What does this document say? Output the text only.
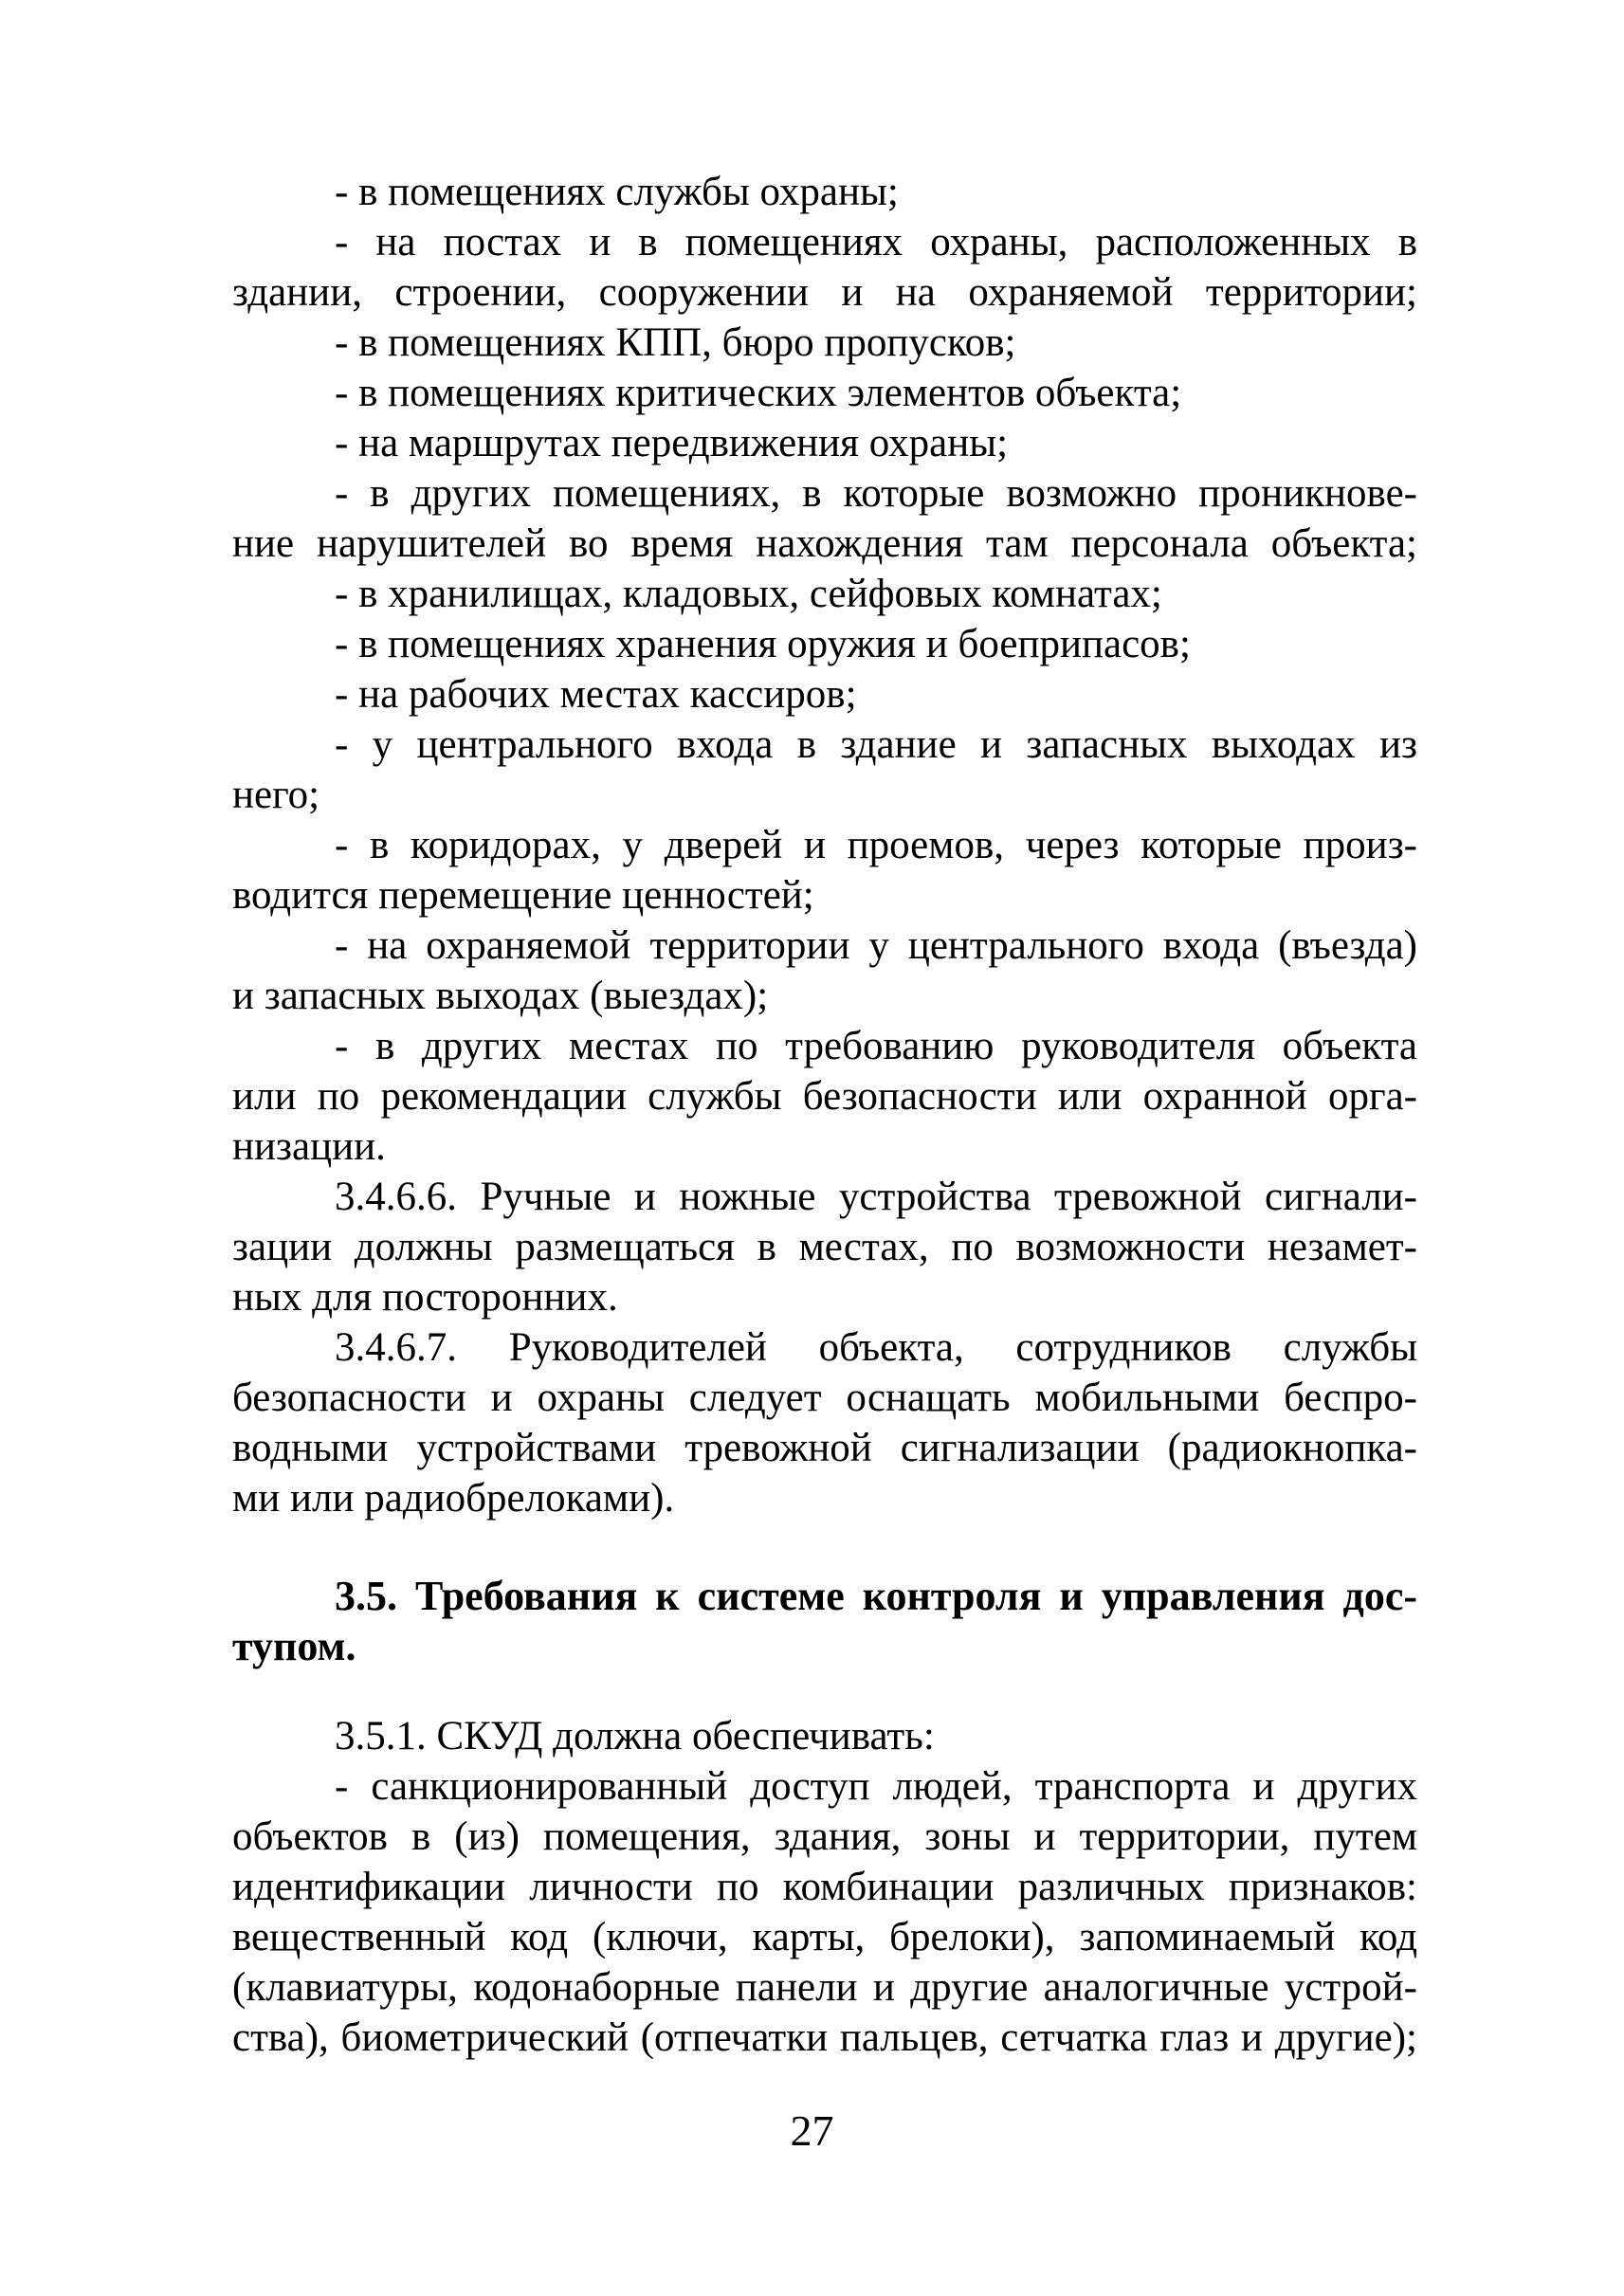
- в помещениях службы охраны;
- на постах и в помещениях охраны, расположенных в
здании, строении, сооружении и на охраняемой территории;
- в помещениях КПП, бюро пропусков;
- в помещениях критических элементов объекта;
- на маршрутах передвижения охраны;
- в других помещениях, в которые возможно проникнове-
ние нарушителей во время нахождения там персонала объекта;
- в хранилищах, кладовых, сейфовых комнатах;
- в помещениях хранения оружия и боеприпасов;
- на рабочих местах кассиров;
- у центрального входа в здание и запасных выходах из
него;
- в коридорах, у дверей и проемов, через которые произ-
водится перемещение ценностей;
- на охраняемой территории у центрального входа (въезда)
и запасных выходах (выездах);
- в других местах по требованию руководителя объекта
или по рекомендации службы безопасности или охранной орга-
низации.
3.4.6.6. Ручные и ножные устройства тревожной сигнали-
зации должны размещаться в местах, по возможности незамет-
ных для посторонних.
3.4.6.7. Руководителей объекта, сотрудников службы
безопасности и охраны следует оснащать мобильными беспро-
водными устройствами тревожной сигнализации (радиокнопка-
ми или радиобрелоками).
3.5. Требования к системе контроля и управления дос-
тупом.
3.5.1. СКУД должна обеспечивать:
- санкционированный доступ людей, транспорта и других
объектов в (из) помещения, здания, зоны и территории, путем
идентификации личности по комбинации различных признаков:
вещественный код (ключи, карты, брелоки), запоминаемый код
(клавиатуры, кодонаборные панели и другие аналогичные устрой-
ства), биометрический (отпечатки пальцев, сетчатка глаз и другие);
27
